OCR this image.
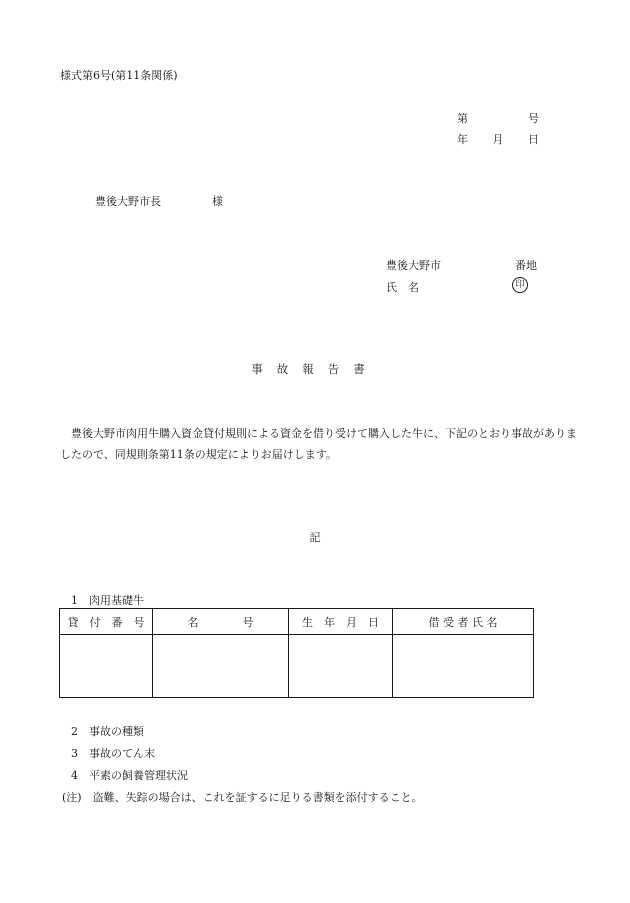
様式第6号(第11条関係)
第	号
年 月 日
豊後大野市長	様
豊後大野市	番地
氏　名	印
事故報告書
豊後大野市肉用牛購入資金貸付規則による資金を借り受けて購入した牛に、下記のとおり事故がありましたので、同規則条第11条の規定によりお届けします。
記
1　肉用基礎牛
貸　付　番　号	名　　　　号	生　年　月　日	借 受 者 氏 名

2　事故の種類
3　事故のてん末
4　平素の飼養管理状況
(注)　盗難、失踪の場合は、これを証するに足りる書類を添付すること。
